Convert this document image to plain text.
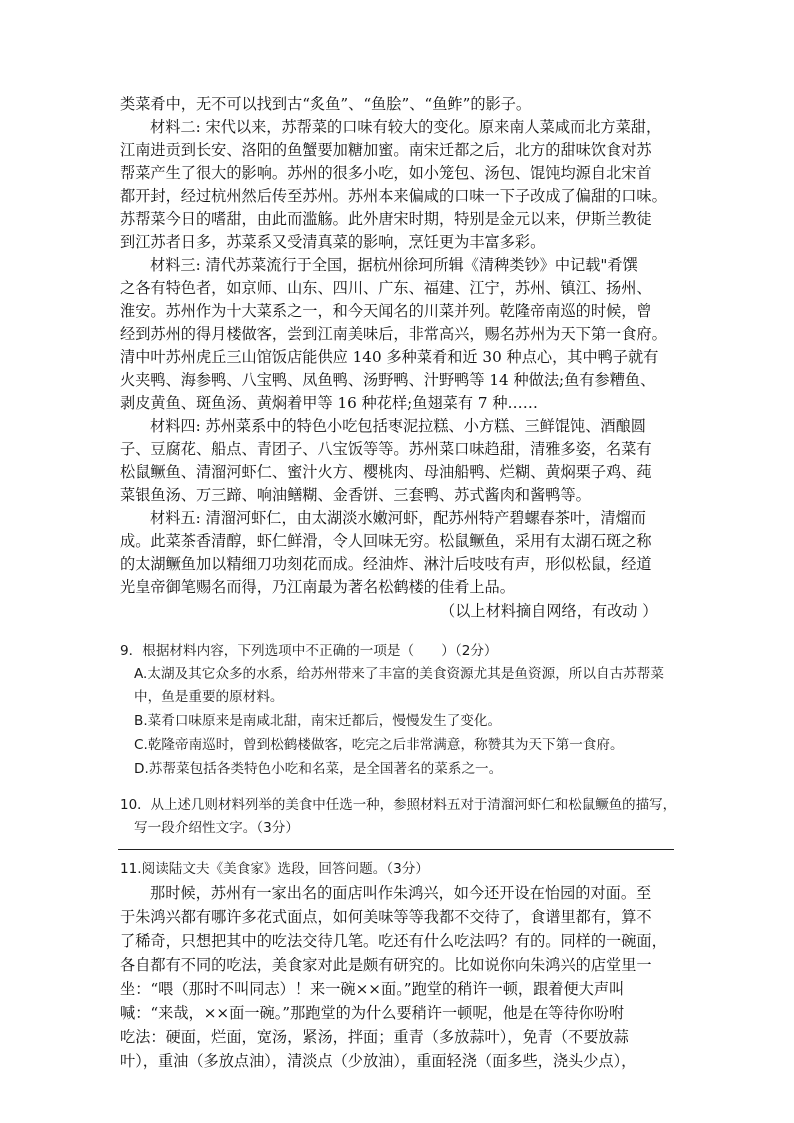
类菜肴中，无不可以找到古“炙鱼”、“鱼脍”、“鱼鲊”的影子。
材料二: 宋代以来，苏帮菜的口味有较大的变化。原来南人菜咸而北方菜甜，
江南进贡到长安、洛阳的鱼蟹要加糖加蜜。南宋迁都之后，北方的甜味饮食对苏
帮菜产生了很大的影响。苏州的很多小吃，如小笼包、汤包、馄饨均源自北宋首
都开封，经过杭州然后传至苏州。苏州本来偏咸的口味一下子改成了偏甜的口味。
苏帮菜今日的嗜甜，由此而滥觞。此外唐宋时期，特别是金元以来，伊斯兰教徒
到江苏者日多，苏菜系又受清真菜的影响，烹饪更为丰富多彩。
材料三: 清代苏菜流行于全国，据杭州徐珂所辑《清稗类钞》中记载"肴馔
之各有特色者，如京师、山东、四川、广东、福建、江宁，苏州、镇江、扬州、
淮安。苏州作为十大菜系之一，和今天闻名的川菜并列。乾隆帝南巡的时候，曾
经到苏州的得月楼做客，尝到江南美味后，非常高兴，赐名苏州为天下第一食府。
清中叶苏州虎丘三山馆饭店能供应 140 多种菜肴和近 30 种点心，其中鸭子就有
火夹鸭、海参鸭、八宝鸭、凤鱼鸭、汤野鸭、汁野鸭等 14 种做法;鱼有参糟鱼、
剥皮黄鱼、斑鱼汤、黄焖着甲等 16 种花样;鱼翅菜有 7 种……
材料四: 苏州菜系中的特色小吃包括枣泥拉糕、小方糕、三鲜馄饨、酒酿圆
子、豆腐花、船点、青团子、八宝饭等等。苏州菜口味趋甜，清雅多姿，名菜有
松鼠鳜鱼、清溜河虾仁、蜜汁火方、樱桃肉、母油船鸭、烂糊、黄焖栗子鸡、莼
菜银鱼汤、万三蹄、响油鳝糊、金香饼、三套鸭、苏式酱肉和酱鸭等。
材料五: 清溜河虾仁，由太湖淡水嫩河虾，配苏州特产碧螺春茶叶，清熘而
成。此菜茶香清醇，虾仁鲜滑，令人回味无穷。松鼠鳜鱼，采用有太湖石斑之称
的太湖鳜鱼加以精细刀功刻花而成。经油炸、淋汁后吱吱有声，形似松鼠，经道
光皇帝御笔赐名而得，乃江南最为著名松鹤楼的佳肴上品。
（以上材料摘自网络，有改动 ）
9．根据材料内容，下列选项中不正确的一项是（　　）（2分）
A.太湖及其它众多的水系，给苏州带来了丰富的美食资源尤其是鱼资源，所以自古苏帮菜
中，鱼是重要的原材料。
B.菜肴口味原来是南咸北甜，南宋迁都后，慢慢发生了变化。
C.乾隆帝南巡时，曾到松鹤楼做客，吃完之后非常满意，称赞其为天下第一食府。
D.苏帮菜包括各类特色小吃和名菜，是全国著名的菜系之一。
10．从上述几则材料列举的美食中任选一种，参照材料五对于清溜河虾仁和松鼠鳜鱼的描写，
写一段介绍性文字。（3分）
11.阅读陆文夫《美食家》选段，回答问题。（3分）
那时候，苏州有一家出名的面店叫作朱鸿兴，如今还开设在怡园的对面。至
于朱鸿兴都有哪许多花式面点，如何美味等等我都不交待了，食谱里都有，算不
了稀奇，只想把其中的吃法交待几笔。吃还有什么吃法吗？有的。同样的一碗面，
各自都有不同的吃法，美食家对此是颇有研究的。比如说你向朱鸿兴的店堂里一
坐：“喂（那时不叫同志）！来一碗××面。”跑堂的稍许一顿，跟着便大声叫
喊：“来哉，××面一碗。”那跑堂的为什么要稍许一顿呢，他是在等待你吩咐
吃法：硬面，烂面，宽汤，紧汤，拌面；重青（多放蒜叶），免青（不要放蒜
叶），重油（多放点油），清淡点（少放油），重面轻浇（面多些，浇头少点），
